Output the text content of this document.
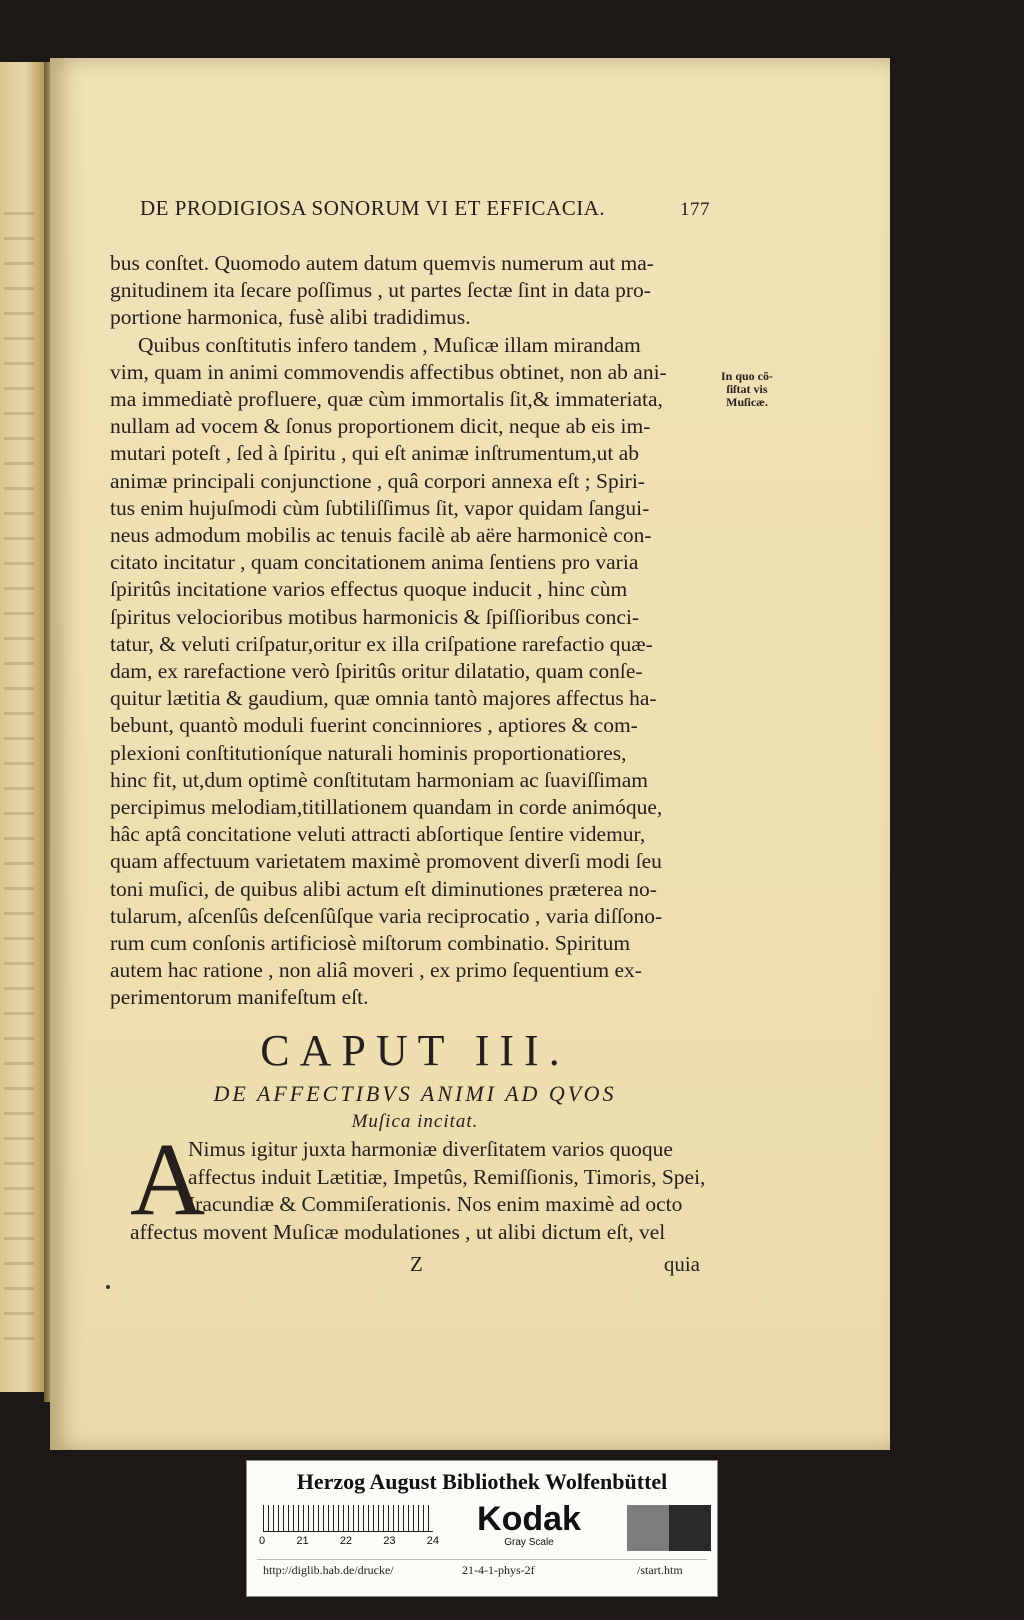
DE PRODIGIOSA SONORUM VI ET EFFICACIA.	177
bus conſtet. Quomodo autem datum quemvis numerum aut ma-
gnitudinem ita ſecare poſſimus , ut partes ſectæ ſint in data pro-
portione harmonica, fusè alibi tradidimus.
Quibus conſtitutis infero tandem , Muſicæ illam mirandam
vim, quam in animi commovendis affectibus obtinet, non ab ani-
ma immediatè profluere, quæ cùm immortalis ſit,& immateriata,
nullam ad vocem & ſonus proportionem dicit, neque ab eis im-
mutari poteſt , ſed à ſpiritu , qui eſt animæ inſtrumentum,ut ab
animæ principali conjunctione , quâ corpori annexa eſt ; Spiri-
tus enim hujuſmodi cùm ſubtiliſſimus ſit, vapor quidam ſangui-
neus admodum mobilis ac tenuis facilè ab aëre harmonicè con-
citato incitatur , quam concitationem anima ſentiens pro varia
ſpiritûs incitatione varios effectus quoque inducit , hinc cùm
ſpiritus velocioribus motibus harmonicis & ſpiſſioribus conci-
tatur, & veluti criſpatur,oritur ex illa criſpatione rarefactio quæ-
dam, ex rarefactione verò ſpiritûs oritur dilatatio, quam conſe-
quitur lætitia & gaudium, quæ omnia tantò majores affectus ha-
bebunt, quantò moduli fuerint concinniores , aptiores & com-
plexioni conſtitutioníque naturali hominis proportionatiores,
hinc fit, ut,dum optimè conſtitutam harmoniam ac ſuaviſſimam
percipimus melodiam,titillationem quandam in corde animóque,
hâc aptâ concitatione veluti attracti abſortique ſentire videmur,
quam affectuum varietatem maximè promovent diverſi modi ſeu
toni muſici, de quibus alibi actum eſt diminutiones præterea no-
tularum, aſcenſûs deſcenſûſque varia reciprocatio , varia diſſono-
rum cum conſonis artificiosè miſtorum combinatio. Spiritum
autem hac ratione , non aliâ moveri , ex primo ſequentium ex-
perimentorum manifeſtum eſt.
In quo cõ-
ſiſtat vis
Muſicæ.
CAPUT III.
DE AFFECTIBVS ANIMI AD QVOS
Muſica incitat.
A
Nimus igitur juxta harmoniæ diverſitatem varios quoque
affectus induit Lætitiæ, Impetûs, Remiſſionis, Timoris, Spei,
Iracundiæ & Commiſerationis. Nos enim maximè ad octo
affectus movent Muſicæ modulationes , ut alibi dictum eſt, vel
Z	quia
Herzog August Bibliothek Wolfenbüttel
0	21	22	23	24
Kodak
Gray Scale
http://diglib.hab.de/drucke/	21-4-1-phys-2f	/start.htm
